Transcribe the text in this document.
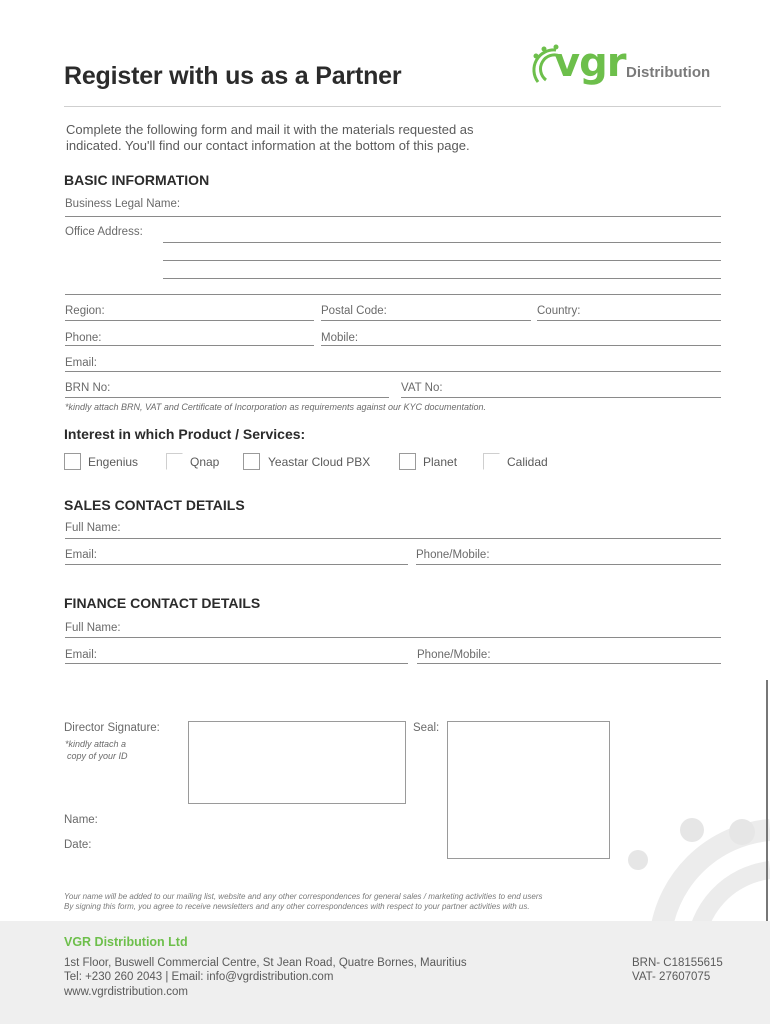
Register with us as a Partner	vgr Distribution
Complete the following form and mail it with the materials requested as
indicated. You'll find our contact information at the bottom of this page.
BASIC INFORMATION
Business Legal Name:
Office Address:
Region:	Postal Code:	Country:
Phone:	Mobile:
Email:
BRN No:	VAT No:
*kindly attach BRN, VAT and Certificate of Incorporation as requirements against our KYC documentation.
Interest in which Product / Services:
Engenius	Qnap	Yeastar Cloud PBX	Planet	Calidad
SALES CONTACT DETAILS
Full Name:
Email:	Phone/Mobile:
FINANCE CONTACT DETAILS
Full Name:
Email:	Phone/Mobile:
Director Signature:
*kindly attach a
copy of your ID
Seal:
Name:
Date:
Your name will be added to our mailing list, website and any other correspondences for general sales / marketing activities to end users
By signing this form, you agree to receive newsletters and any other correspondences with respect to your partner activities with us.
VGR Distribution Ltd
1st Floor, Buswell Commercial Centre, St Jean Road, Quatre Bornes, Mauritius
Tel: +230 260 2043 | Email: info@vgrdistribution.com
www.vgrdistribution.com
BRN- C18155615
VAT- 27607075
